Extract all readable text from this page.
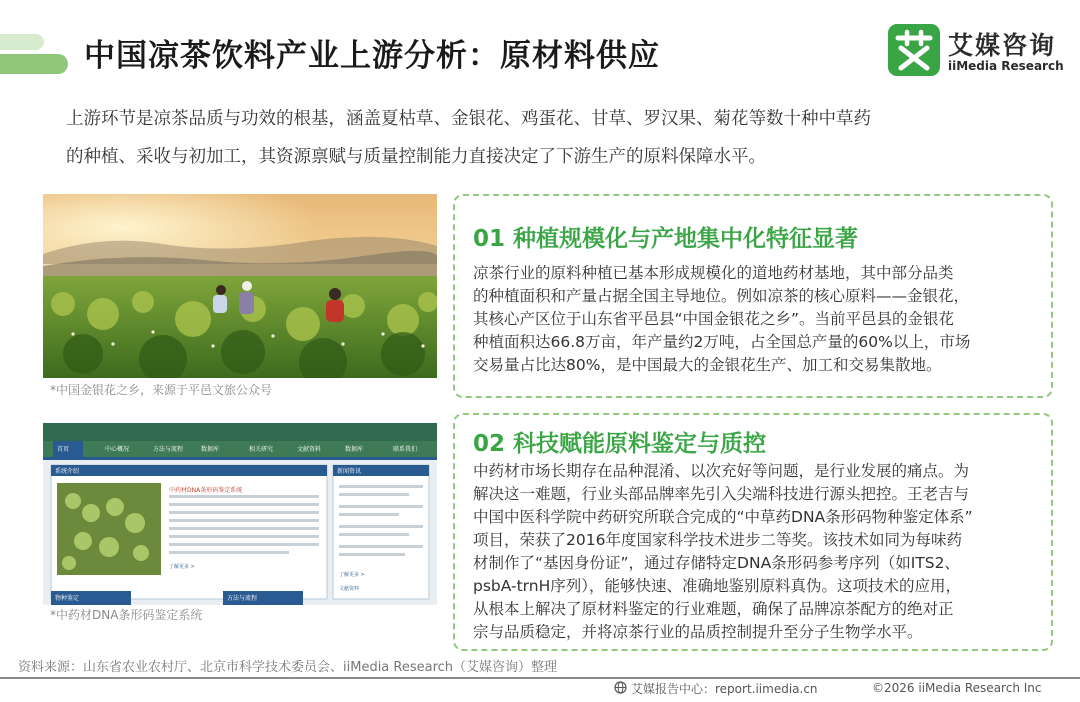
中国凉茶饮料产业上游分析：原材料供应	艾媒咨询
iiMedia Research
上游环节是凉茶品质与功效的根基，涵盖夏枯草、金银花、鸡蛋花、甘草、罗汉果、菊花等数十种中草药
的种植、采收与初加工，其资源禀赋与质量控制能力直接决定了下游生产的原料保障水平。
*中国金银花之乡，来源于平邑文旅公众号
首页	中心概况	方法与流程	数据库	相关研究	文献资料	数据库	联系我们
系统介绍
中药材DNA条形码鉴定系统
了解更多 >
新闻资讯
了解更多 >
文献资料
物种鉴定	方法与流程
*中药材DNA条形码鉴定系统
01 种植规模化与产地集中化特征显著
凉茶行业的原料种植已基本形成规模化的道地药材基地，其中部分品类
的种植面积和产量占据全国主导地位。例如凉茶的核心原料——金银花，
其核心产区位于山东省平邑县“中国金银花之乡”。当前平邑县的金银花
种植面积达66.8万亩，年产量约2万吨，占全国总产量的60%以上，市场
交易量占比达80%，是中国最大的金银花生产、加工和交易集散地。
02 科技赋能原料鉴定与质控
中药材市场长期存在品种混淆、以次充好等问题，是行业发展的痛点。为
解决这一难题，行业头部品牌率先引入尖端科技进行源头把控。王老吉与
中国中医科学院中药研究所联合完成的“中草药DNA条形码物种鉴定体系”
项目，荣获了2016年度国家科学技术进步二等奖。该技术如同为每味药
材制作了“基因身份证”，通过存储特定DNA条形码参考序列（如ITS2、
psbA-trnH序列），能够快速、准确地鉴别原料真伪。这项技术的应用，
从根本上解决了原材料鉴定的行业难题，确保了品牌凉茶配方的绝对正
宗与品质稳定，并将凉茶行业的品质控制提升至分子生物学水平。
资料来源：山东省农业农村厅、北京市科学技术委员会、iiMedia Research（艾媒咨询）整理
艾媒报告中心：report.iimedia.cn	©2026 iiMedia Research Inc
